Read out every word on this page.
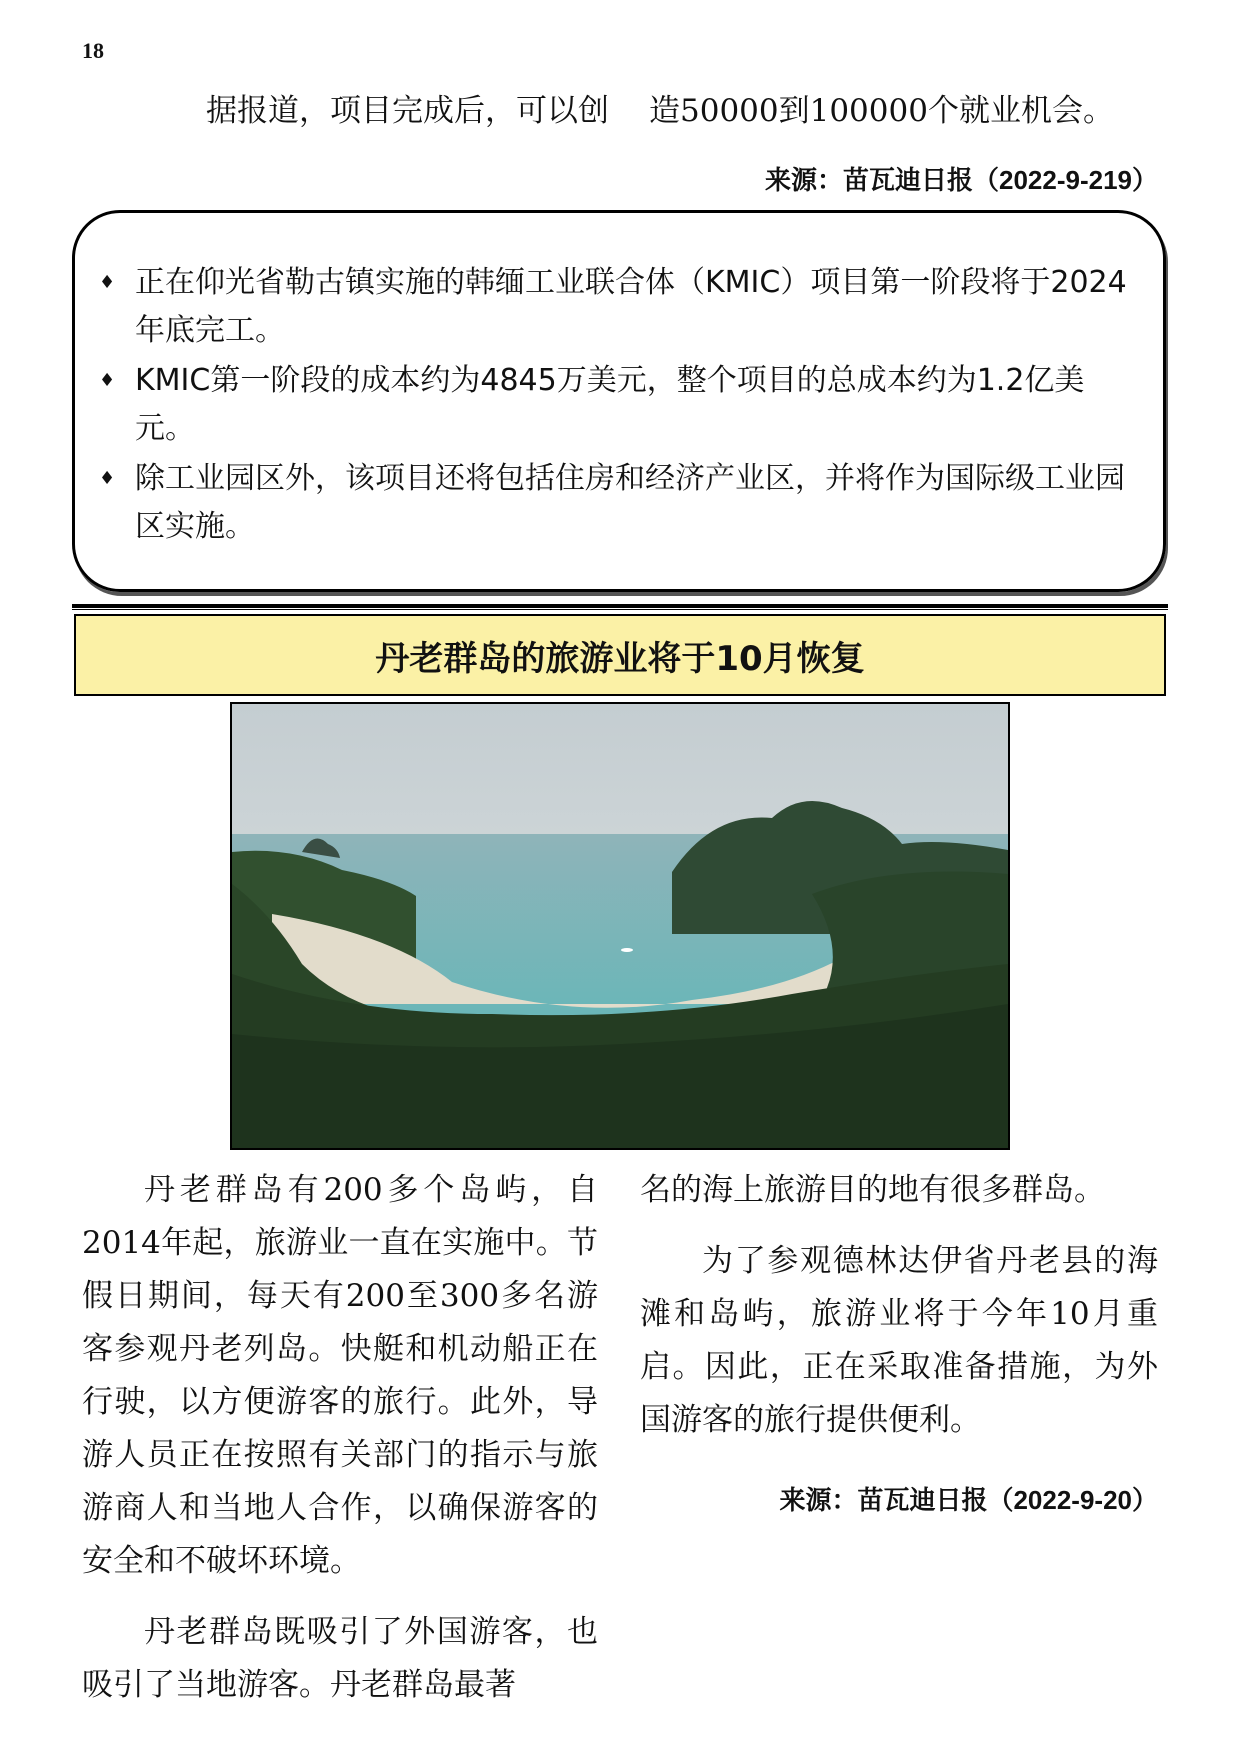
18
据报道，项目完成后，可以创 造50000到100000个就业机会。
来源：苗瓦迪日报（2022-9-219）
♦ 正在仰光省勒古镇实施的韩缅工业联合体（KMIC）项目第一阶段将于2024年底完工。
♦ KMIC第一阶段的成本约为4845万美元，整个项目的总成本约为1.2亿美元。
♦ 除工业园区外，该项目还将包括住房和经济产业区，并将作为国际级工业园区实施。
丹老群岛的旅游业将于10月恢复

丹老群岛有200多个岛屿，自2014年起，旅游业一直在实施中。节假日期间，每天有200至300多名游客参观丹老列岛。快艇和机动船正在行驶，以方便游客的旅行。此外，导游人员正在按照有关部门的指示与旅游商人和当地人合作，以确保游客的安全和不破坏环境。

丹老群岛既吸引了外国游客，也吸引了当地游客。丹老群岛最著

名的海上旅游目的地有很多群岛。

为了参观德林达伊省丹老县的海滩和岛屿，旅游业将于今年10月重启。因此，正在采取准备措施，为外国游客的旅行提供便利。

来源：苗瓦迪日报（2022-9-20）
